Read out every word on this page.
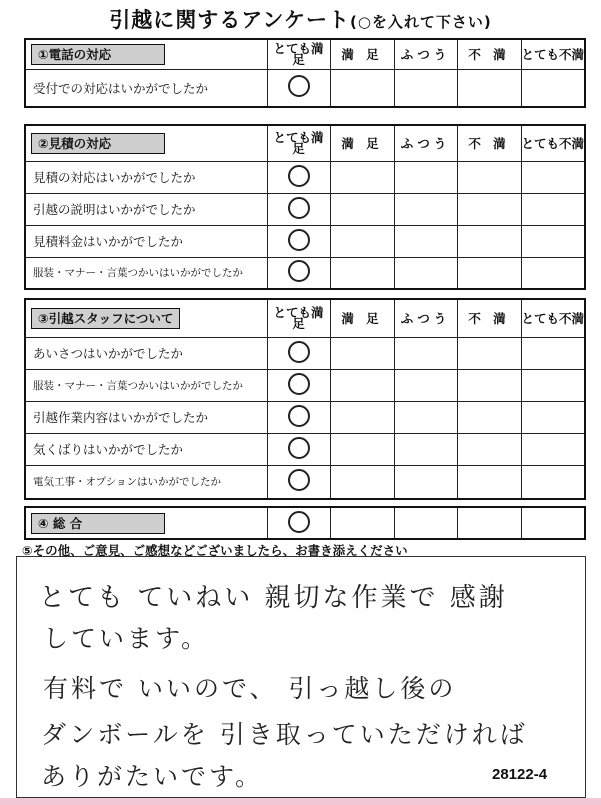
引越に関するアンケート(○を入れて下さい)
①電話の対応	とても満足	満 足	ふつう	不 満	とても不満
受付での対応はいかがでしたか					
②見積の対応	とても満足	満 足	ふつう	不 満	とても不満
見積の対応はいかがでしたか					
引越の説明はいかがでしたか					
見積料金はいかがでしたか					
服装・マナー・言葉つかいはいかがでしたか					
③引越スタッフについて	とても満足	満 足	ふつう	不 満	とても不満
あいさつはいかがでしたか					
服装・マナー・言葉つかいはいかがでしたか					
引越作業内容はいかがでしたか					
気くばりはいかがでしたか					
電気工事・オプションはいかがでしたか					
④ 総 合					
⑤その他、ご意見、ご感想などございましたら、お書き添えください
とても ていねい 親切な作業で 感謝
しています。
有料で いいので、 引っ越し後の
ダンボールを 引き取っていただければ
ありがたいです。	28122-4
